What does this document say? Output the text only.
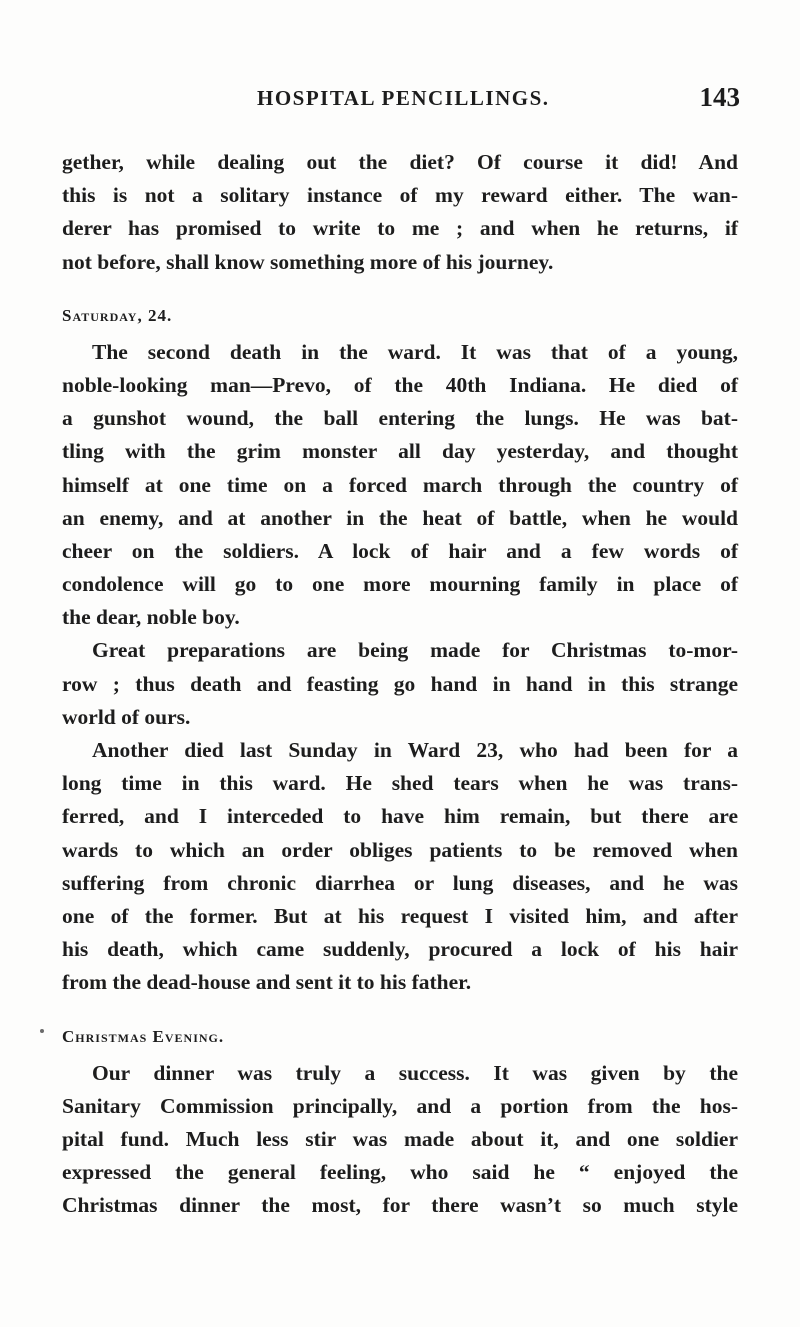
HOSPITAL PENCILLINGS.	143
gether, while dealing out the diet? Of course it did! And
this is not a solitary instance of my reward either. The wan-
derer has promised to write to me ; and when he returns, if
not before, shall know something more of his journey.
Saturday, 24.
The second death in the ward. It was that of a young,
noble-looking man—Prevo, of the 40th Indiana. He died of
a gunshot wound, the ball entering the lungs. He was bat-
tling with the grim monster all day yesterday, and thought
himself at one time on a forced march through the country of
an enemy, and at another in the heat of battle, when he would
cheer on the soldiers. A lock of hair and a few words of
condolence will go to one more mourning family in place of
the dear, noble boy.
Great preparations are being made for Christmas to-mor-
row ; thus death and feasting go hand in hand in this strange
world of ours.
Another died last Sunday in Ward 23, who had been for a
long time in this ward. He shed tears when he was trans-
ferred, and I interceded to have him remain, but there are
wards to which an order obliges patients to be removed when
suffering from chronic diarrhea or lung diseases, and he was
one of the former. But at his request I visited him, and after
his death, which came suddenly, procured a lock of his hair
from the dead-house and sent it to his father.
Christmas Evening.
Our dinner was truly a success. It was given by the
Sanitary Commission principally, and a portion from the hos-
pital fund. Much less stir was made about it, and one soldier
expressed the general feeling, who said he “ enjoyed the
Christmas dinner the most, for there wasn’t so much style
